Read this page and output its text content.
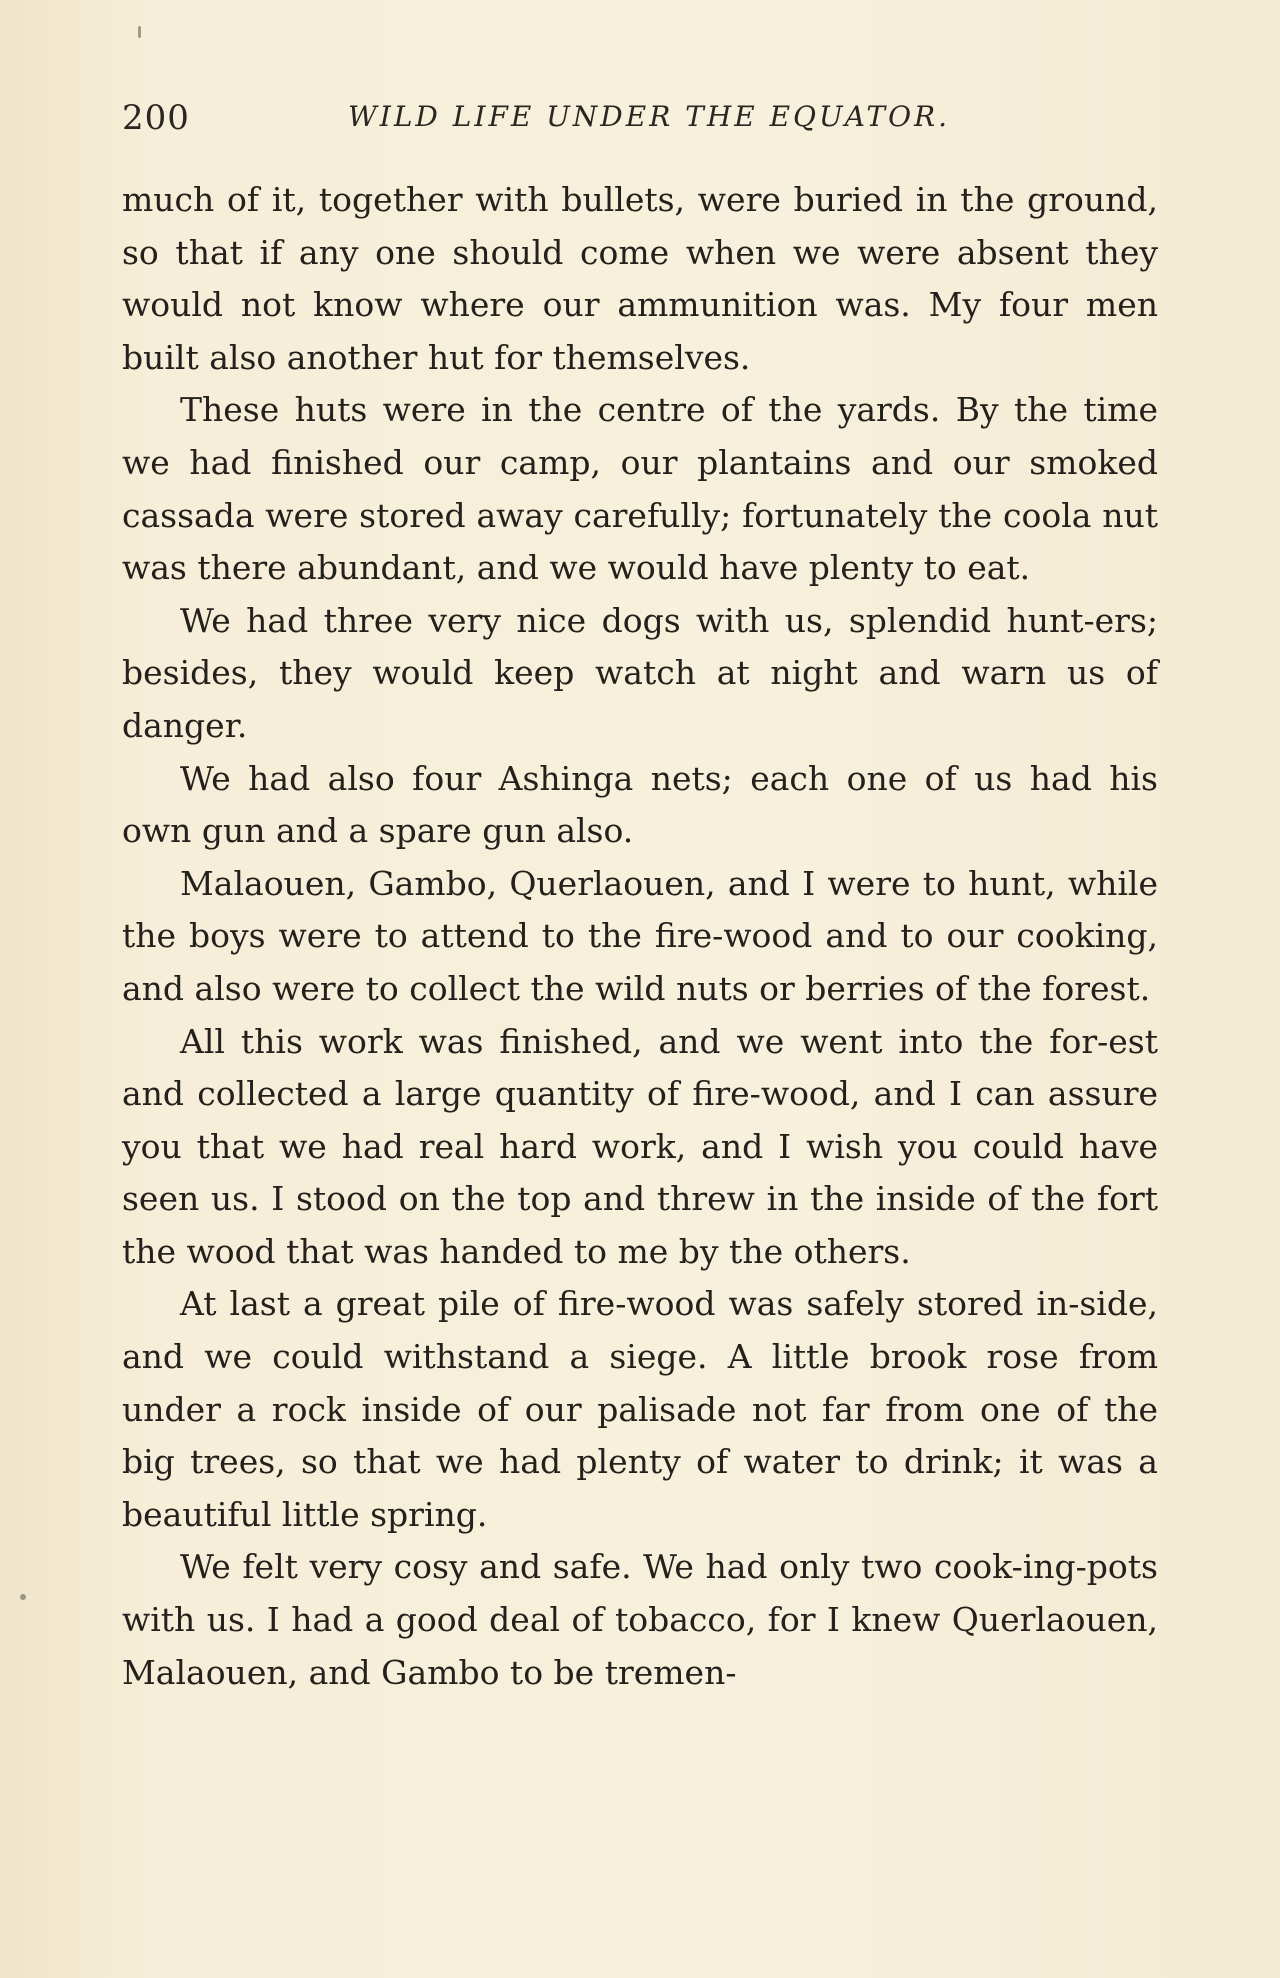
200	WILD LIFE UNDER THE EQUATOR.

much of it, together with bullets, were buried in the ground, so that if any one should come when we were absent they would not know where our ammunition was. My four men built also another hut for themselves.

These huts were in the centre of the yards. By the time we had finished our camp, our plantains and our smoked cassada were stored away carefully; fortunately the coola nut was there abundant, and we would have plenty to eat.

We had three very nice dogs with us, splendid hunt-ers; besides, they would keep watch at night and warn us of danger.

We had also four Ashinga nets; each one of us had his own gun and a spare gun also.

Malaouen, Gambo, Querlaouen, and I were to hunt, while the boys were to attend to the fire-wood and to our cooking, and also were to collect the wild nuts or berries of the forest.

All this work was finished, and we went into the for-est and collected a large quantity of fire-wood, and I can assure you that we had real hard work, and I wish you could have seen us. I stood on the top and threw in the inside of the fort the wood that was handed to me by the others.

At last a great pile of fire-wood was safely stored in-side, and we could withstand a siege. A little brook rose from under a rock inside of our palisade not far from one of the big trees, so that we had plenty of water to drink; it was a beautiful little spring.

We felt very cosy and safe. We had only two cook-ing-pots with us. I had a good deal of tobacco, for I knew Querlaouen, Malaouen, and Gambo to be tremen-
